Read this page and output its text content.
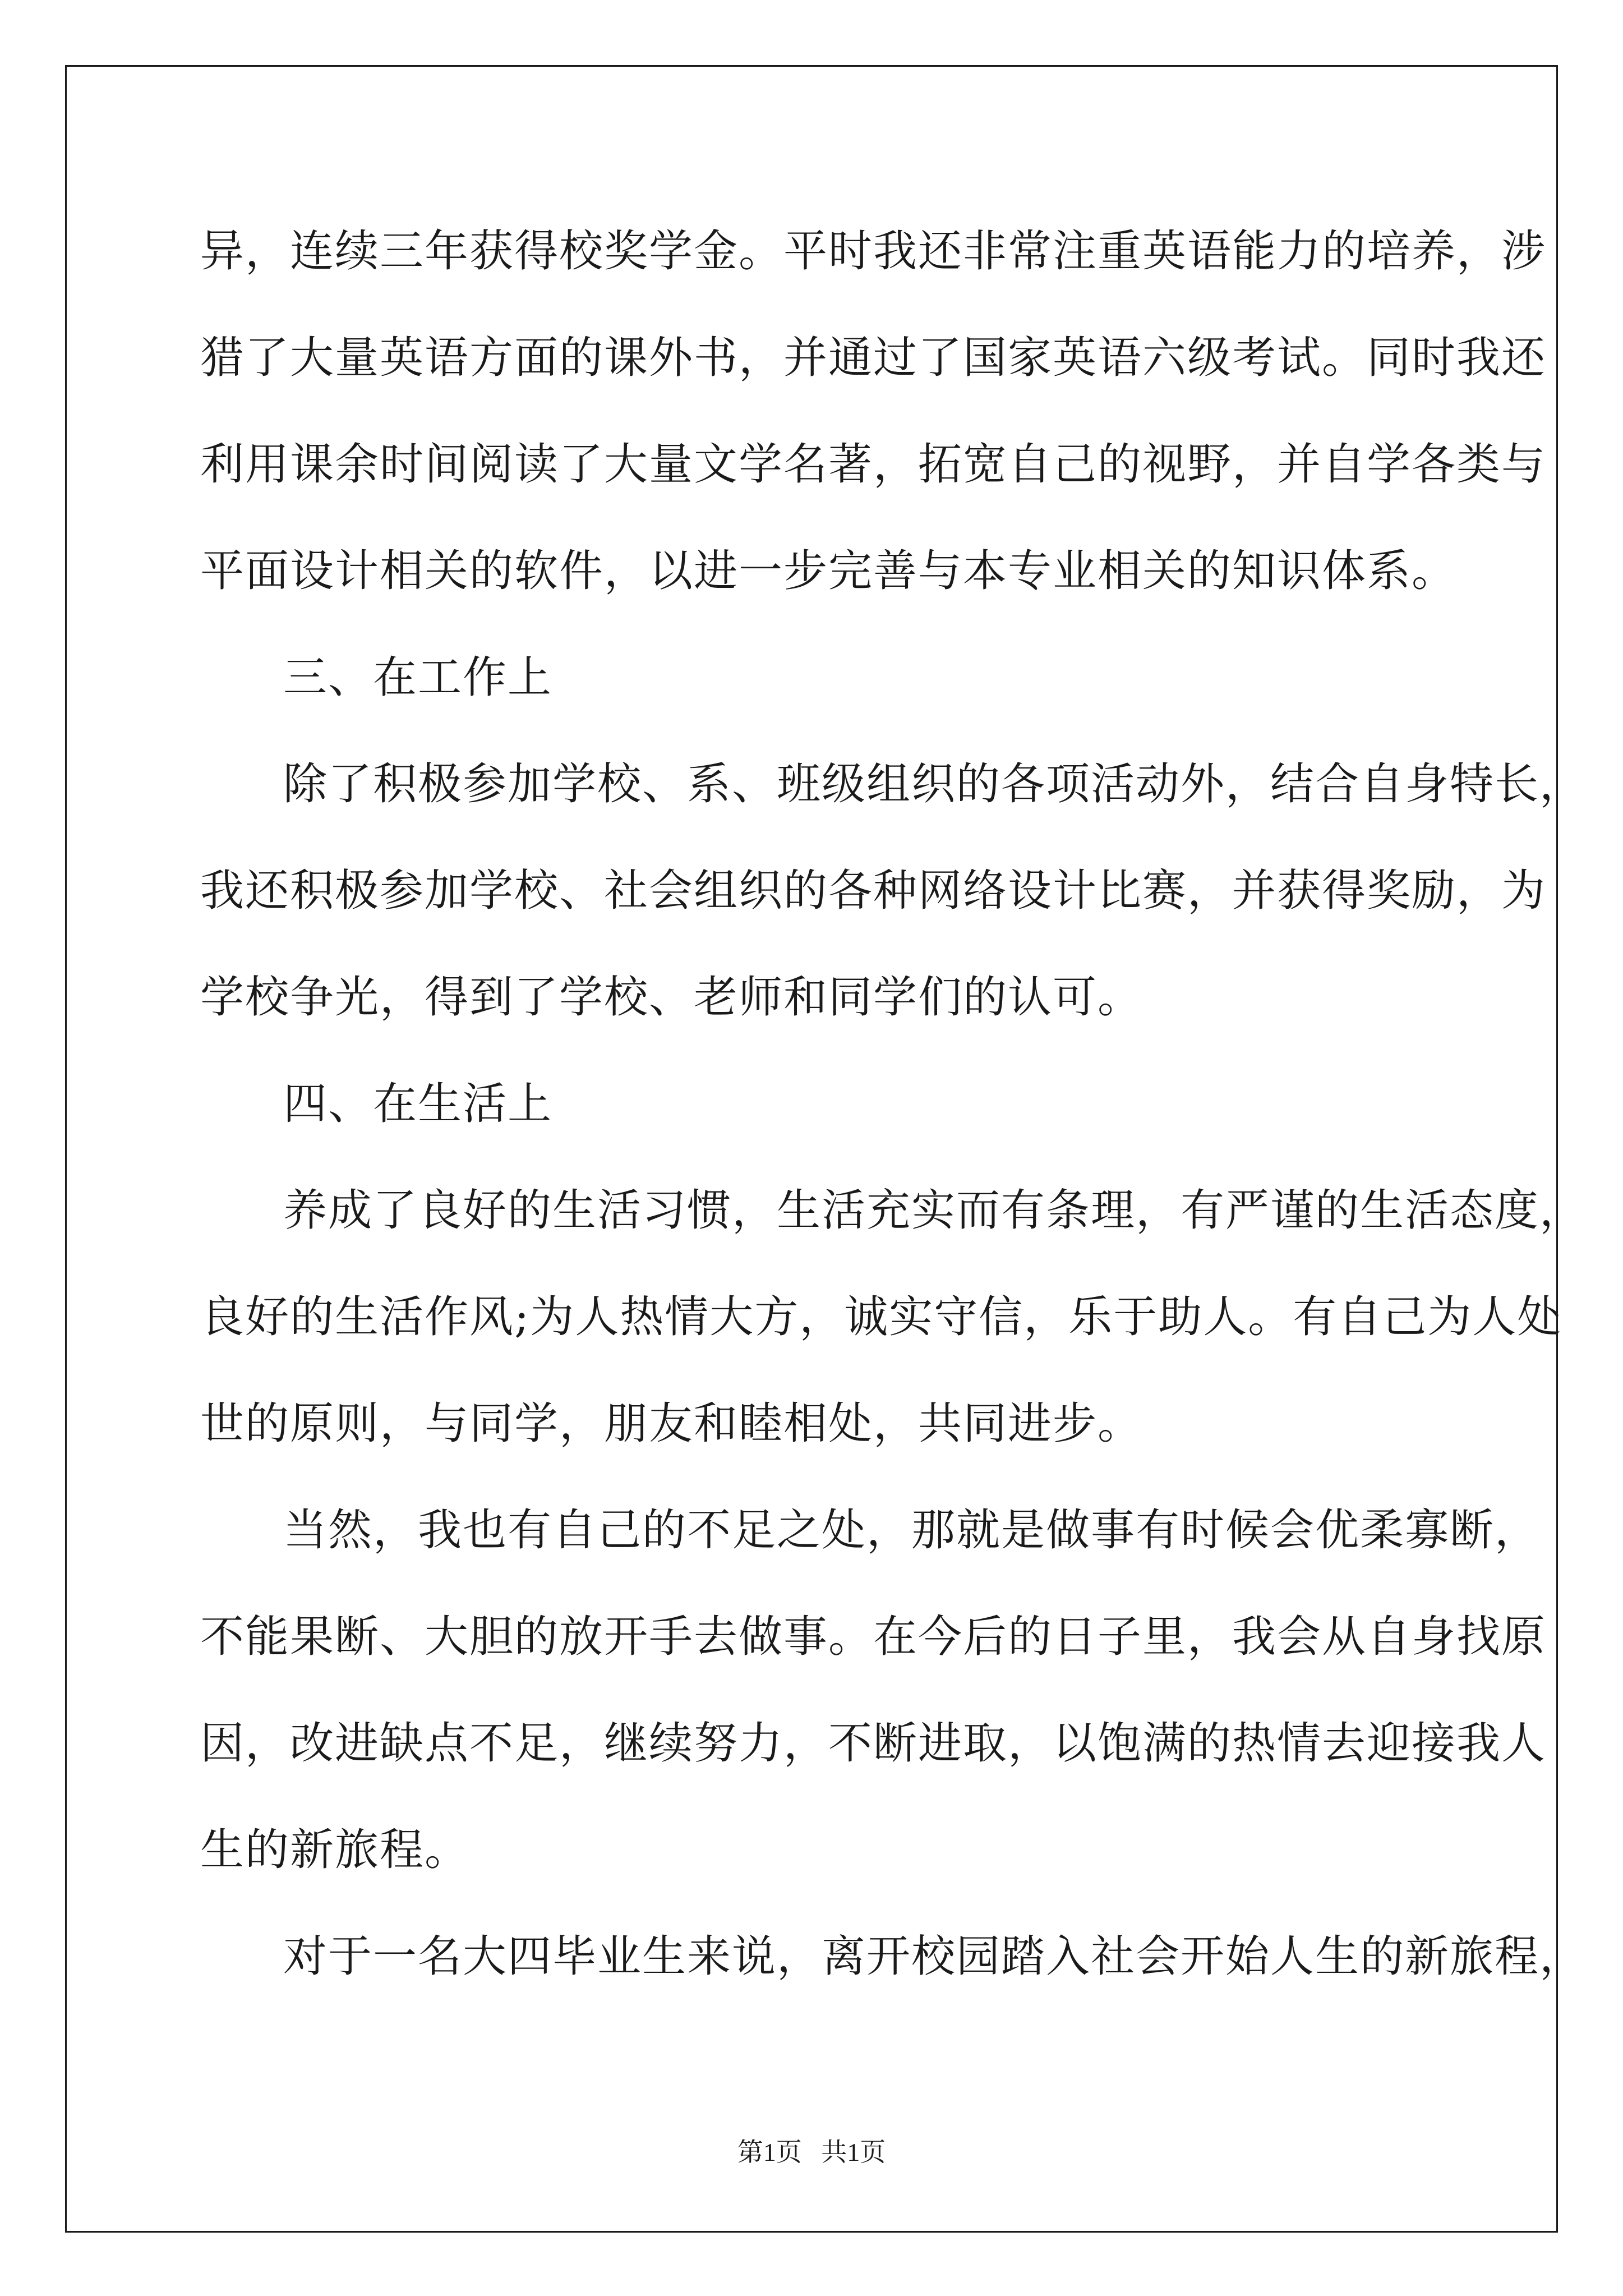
异，连续三年获得校奖学金。平时我还非常注重英语能力的培养，涉
猎了大量英语方面的课外书，并通过了国家英语六级考试。同时我还
利用课余时间阅读了大量文学名著，拓宽自己的视野，并自学各类与
平面设计相关的软件，以进一步完善与本专业相关的知识体系。
三、在工作上
除了积极参加学校、系、班级组织的各项活动外，结合自身特长，
我还积极参加学校、社会组织的各种网络设计比赛，并获得奖励，为
学校争光，得到了学校、老师和同学们的认可。
四、在生活上
养成了良好的生活习惯，生活充实而有条理，有严谨的生活态度，
良好的生活作风;为人热情大方，诚实守信，乐于助人。有自己为人处
世的原则，与同学，朋友和睦相处，共同进步。
当然，我也有自己的不足之处，那就是做事有时候会优柔寡断，
不能果断、大胆的放开手去做事。在今后的日子里，我会从自身找原
因，改进缺点不足，继续努力，不断进取，以饱满的热情去迎接我人
生的新旅程。
对于一名大四毕业生来说，离开校园踏入社会开始人生的新旅程，
第1页   共1页
